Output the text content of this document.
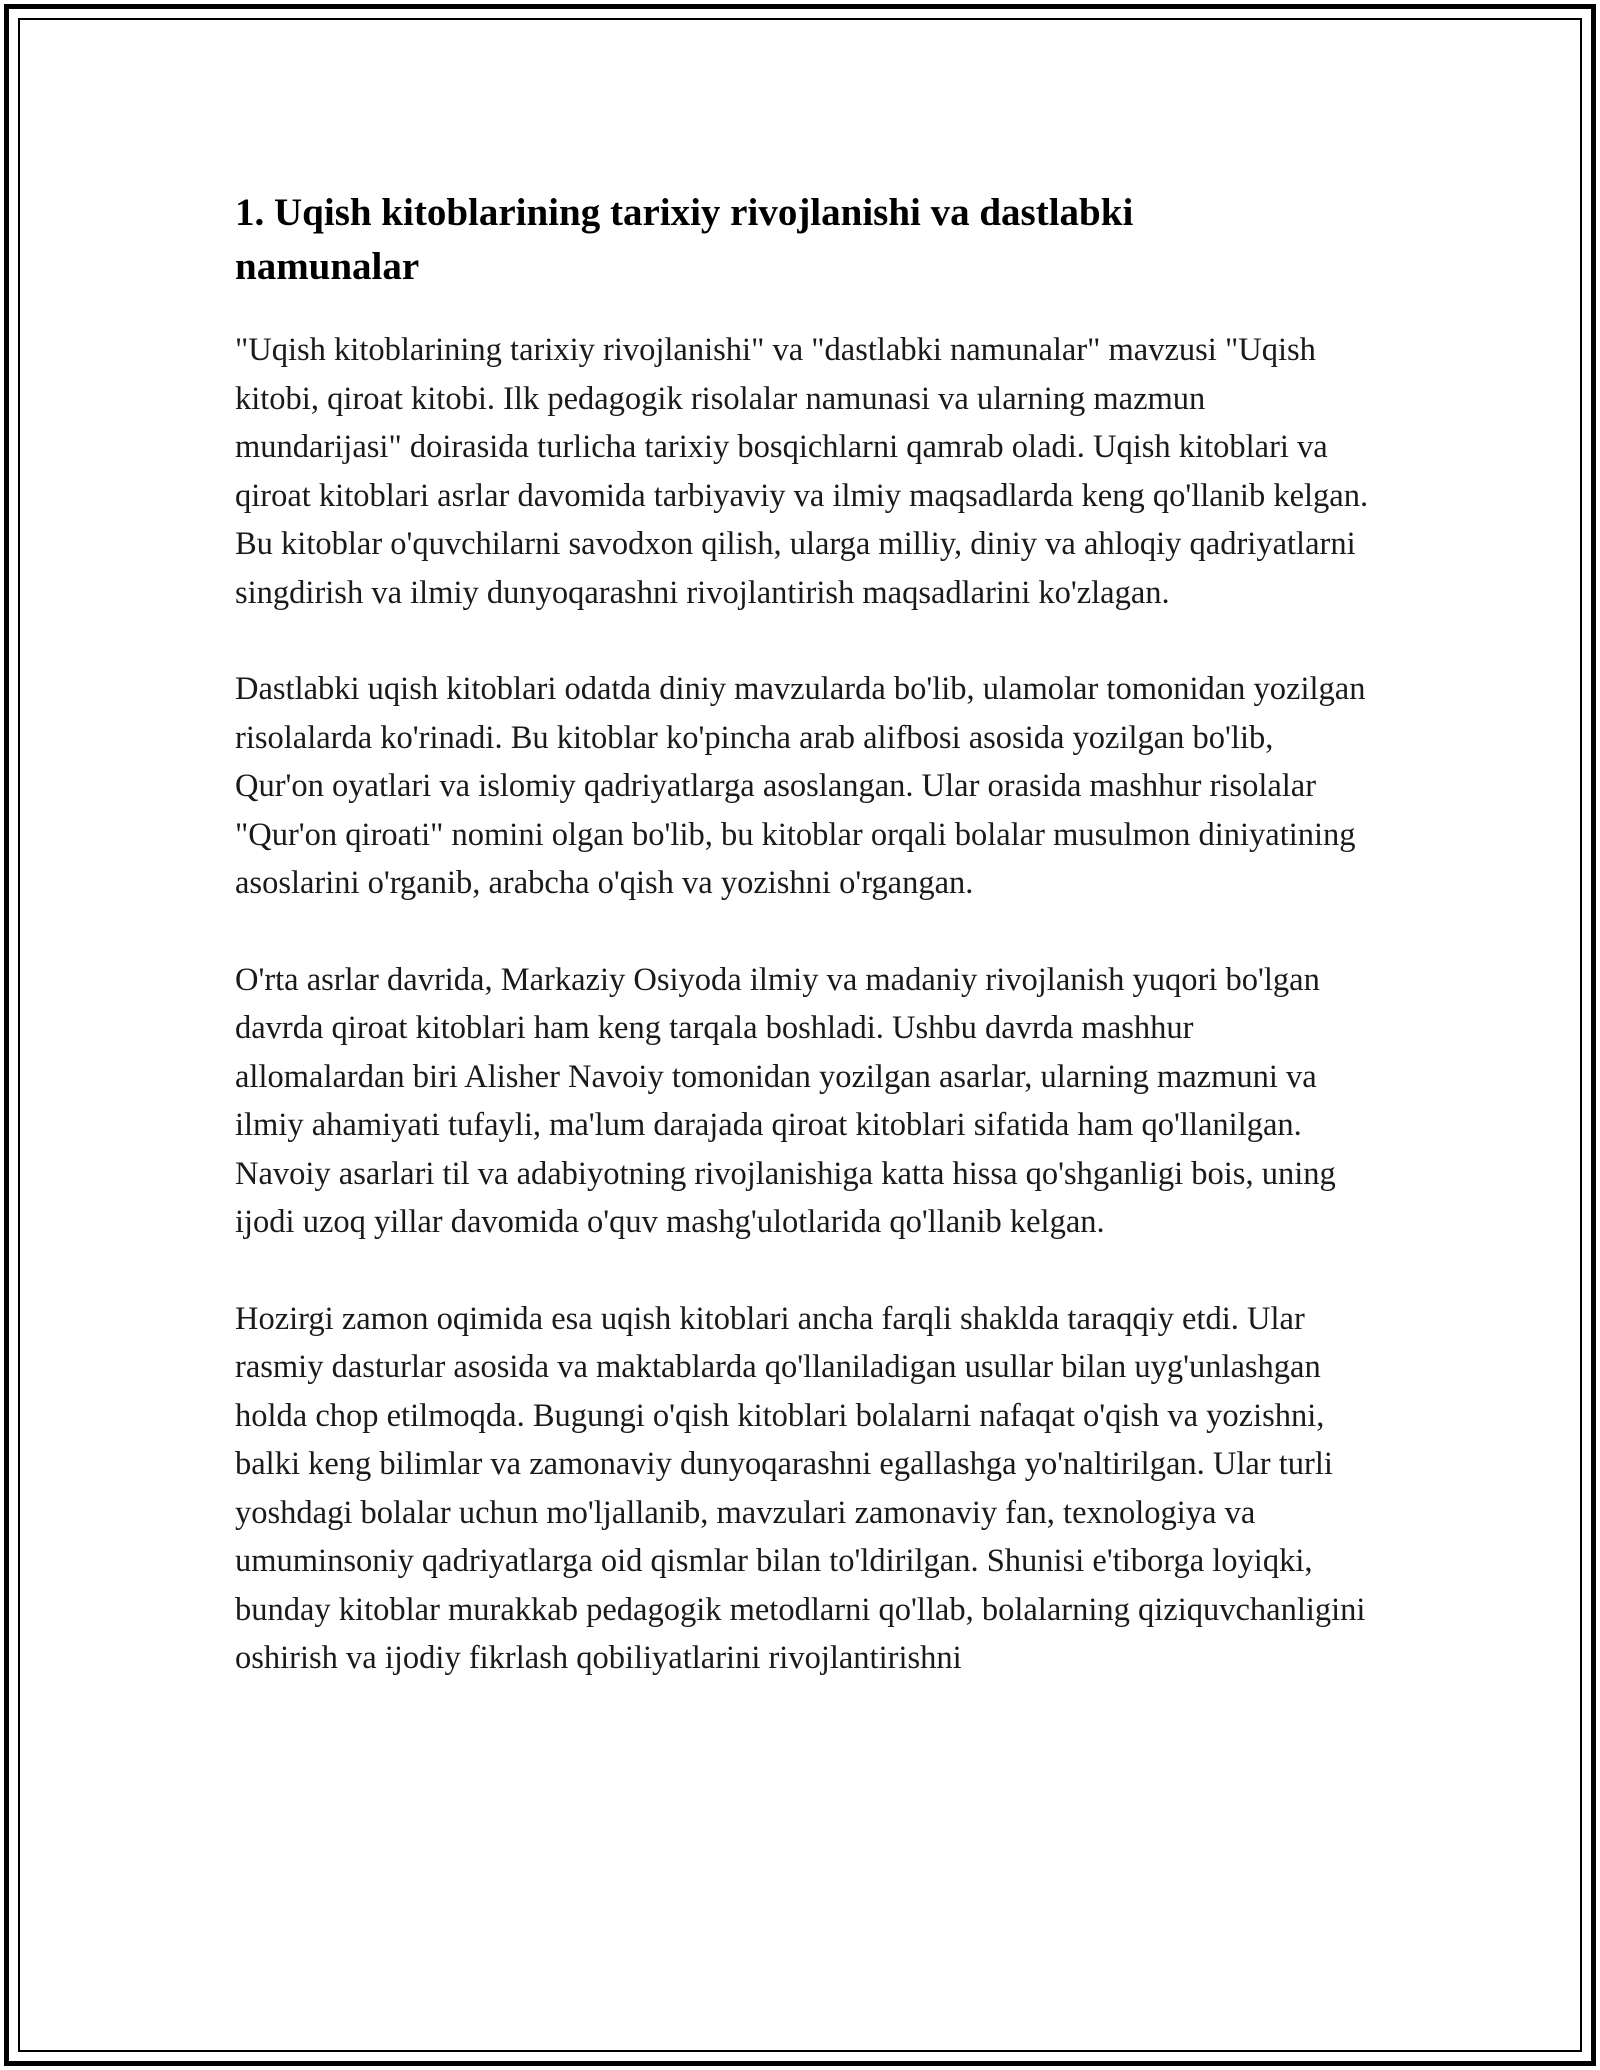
1. Uqish kitoblarining tarixiy rivojlanishi va dastlabki namunalar

"Uqish kitoblarining tarixiy rivojlanishi" va "dastlabki namunalar" mavzusi "Uqish kitobi, qiroat kitobi. Ilk pedagogik risolalar namunasi va ularning mazmun mundarijasi" doirasida turlicha tarixiy bosqichlarni qamrab oladi. Uqish kitoblari va qiroat kitoblari asrlar davomida tarbiyaviy va ilmiy maqsadlarda keng qo'llanib kelgan. Bu kitoblar o'quvchilarni savodxon qilish, ularga milliy, diniy va ahloqiy qadriyatlarni singdirish va ilmiy dunyoqarashni rivojlantirish maqsadlarini ko'zlagan.

Dastlabki uqish kitoblari odatda diniy mavzularda bo'lib, ulamolar tomonidan yozilgan risolalarda ko'rinadi. Bu kitoblar ko'pincha arab alifbosi asosida yozilgan bo'lib, Qur'on oyatlari va islomiy qadriyatlarga asoslangan. Ular orasida mashhur risolalar "Qur'on qiroati" nomini olgan bo'lib, bu kitoblar orqali bolalar musulmon diniyatining asoslarini o'rganib, arabcha o'qish va yozishni o'rgangan.

O'rta asrlar davrida, Markaziy Osiyoda ilmiy va madaniy rivojlanish yuqori bo'lgan davrda qiroat kitoblari ham keng tarqala boshladi. Ushbu davrda mashhur allomalardan biri Alisher Navoiy tomonidan yozilgan asarlar, ularning mazmuni va ilmiy ahamiyati tufayli, ma'lum darajada qiroat kitoblari sifatida ham qo'llanilgan. Navoiy asarlari til va adabiyotning rivojlanishiga katta hissa qo'shganligi bois, uning ijodi uzoq yillar davomida o'quv mashg'ulotlarida qo'llanib kelgan.

Hozirgi zamon oqimida esa uqish kitoblari ancha farqli shaklda taraqqiy etdi. Ular rasmiy dasturlar asosida va maktablarda qo'llaniladigan usullar bilan uyg'unlashgan holda chop etilmoqda. Bugungi o'qish kitoblari bolalarni nafaqat o'qish va yozishni, balki keng bilimlar va zamonaviy dunyoqarashni egallashga yo'naltirilgan. Ular turli yoshdagi bolalar uchun mo'ljallanib, mavzulari zamonaviy fan, texnologiya va umuminsoniy qadriyatlarga oid qismlar bilan to'ldirilgan. Shunisi e'tiborga loyiqki, bunday kitoblar murakkab pedagogik metodlarni qo'llab, bolalarning qiziquvchanligini oshirish va ijodiy fikrlash qobiliyatlarini rivojlantirishni
